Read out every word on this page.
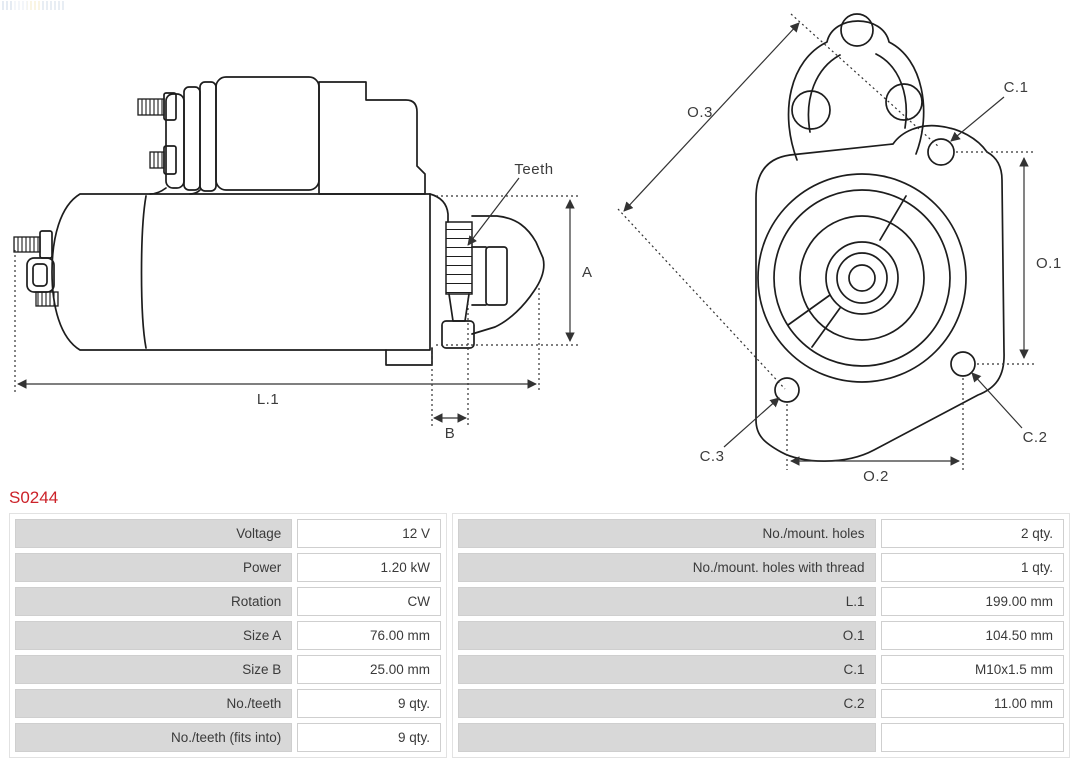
Teeth
A
L.1
B
O.3
C.1
O.1
C.2
C.3
O.2
S0244
Voltage	12 V
Power	1.20 kW
Rotation	CW
Size A	76.00 mm
Size B	25.00 mm
No./teeth	9 qty.
No./teeth (fits into)	9 qty.
No./mount. holes	2 qty.
No./mount. holes with thread	1 qty.
L.1	199.00 mm
O.1	104.50 mm
C.1	M10x1.5 mm
C.2	11.00 mm
